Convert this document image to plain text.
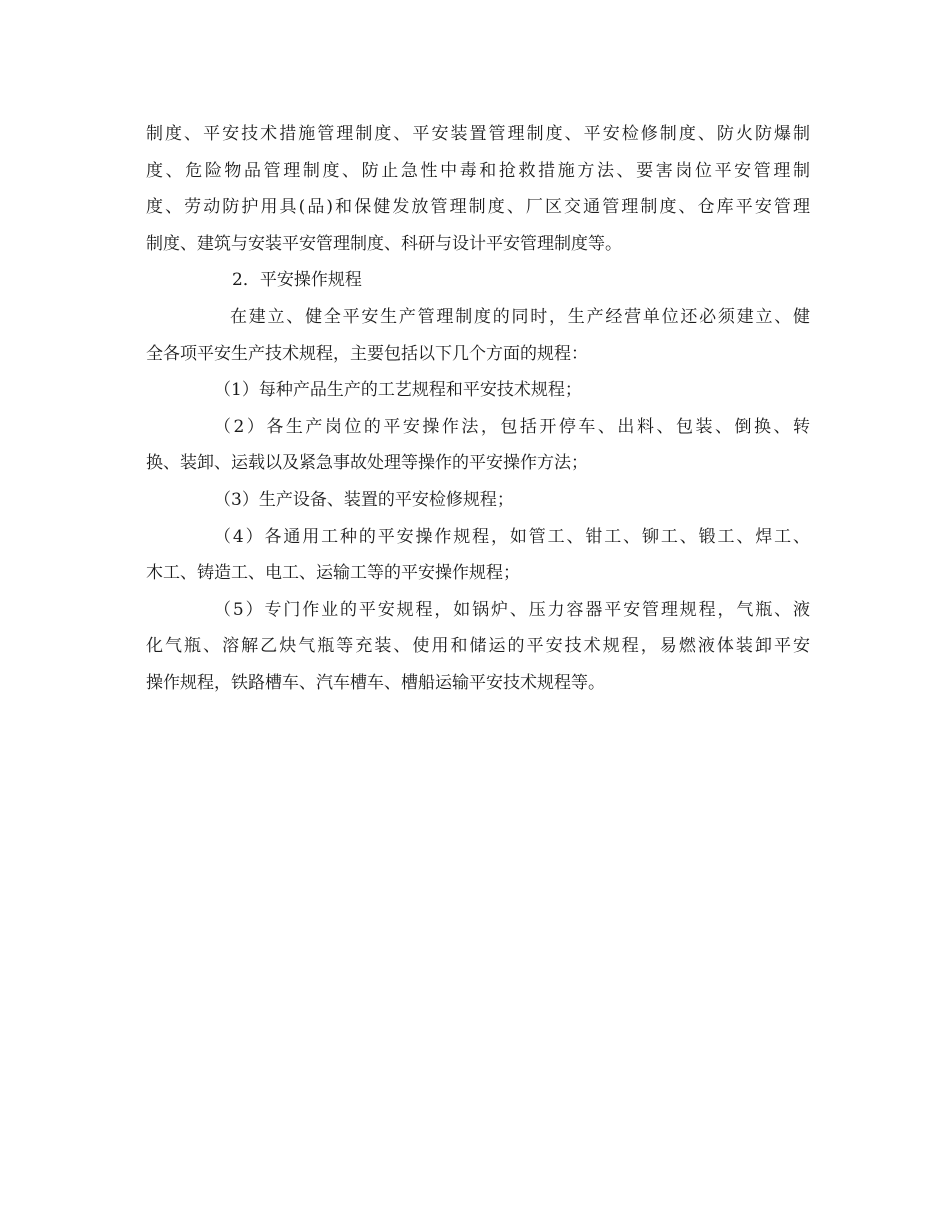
制度、平安技术措施管理制度、平安装置管理制度、平安检修制度、防火防爆制
度、危险物品管理制度、防止急性中毒和抢救措施方法、要害岗位平安管理制
度、劳动防护用具(品)和保健发放管理制度、厂区交通管理制度、仓库平安管理
制度、建筑与安装平安管理制度、科研与设计平安管理制度等。
2．平安操作规程
在建立、健全平安生产管理制度的同时，生产经营单位还必须建立、健
全各项平安生产技术规程，主要包括以下几个方面的规程：
（1）每种产品生产的工艺规程和平安技术规程；
（2）各生产岗位的平安操作法，包括开停车、出料、包装、倒换、转
换、装卸、运载以及紧急事故处理等操作的平安操作方法；
（3）生产设备、装置的平安检修规程；
（4）各通用工种的平安操作规程，如管工、钳工、铆工、锻工、焊工、
木工、铸造工、电工、运输工等的平安操作规程；
（5）专门作业的平安规程，如锅炉、压力容器平安管理规程，气瓶、液
化气瓶、溶解乙炔气瓶等充装、使用和储运的平安技术规程，易燃液体装卸平安
操作规程，铁路槽车、汽车槽车、槽船运输平安技术规程等。
